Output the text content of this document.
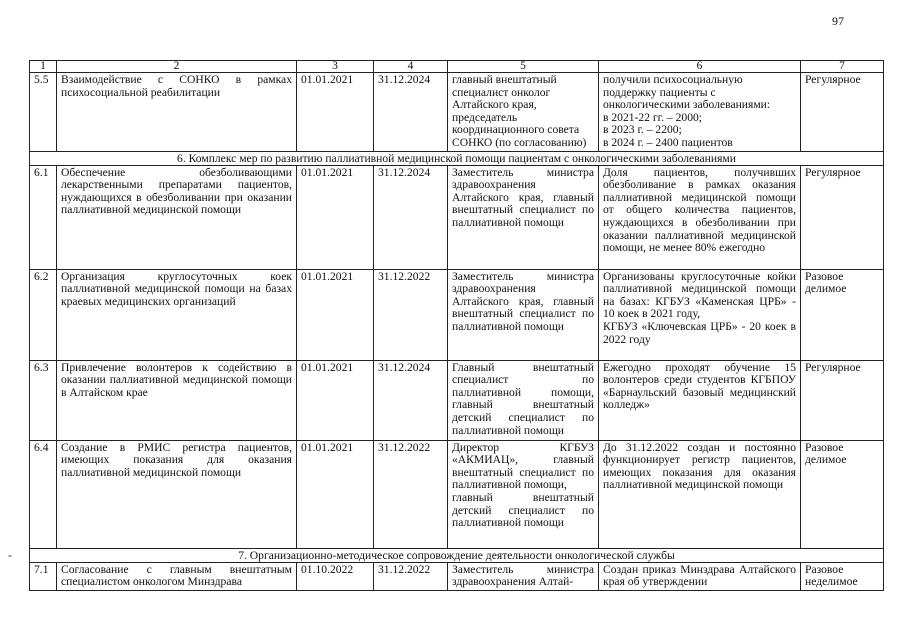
97
1	2	3	4	5	6	7
5.5	Взаимодействие с СОНКО в рамках психосоциальной реабилитации	01.01.2021	31.12.2024	главный внештатный специалист онколог Алтайского края, председатель координационного совета СОНКО (по согласованию)	получили психосоциальную поддержку пациенты с онкологическими заболеваниями:
в 2021-22 гг. – 2000;
в 2023 г. – 2200;
в 2024 г. – 2400 пациентов	Регулярное
6. Комплекс мер по развитию паллиативной медицинской помощи пациентам с онкологическими заболеваниями						
6.1	Обеспечение обезболивающими лекарственными препаратами пациентов, нуждающихся в обезболивании при оказании паллиативной медицинской помощи	01.01.2021	31.12.2024	Заместитель министра здравоохранения Алтайского края, главный внештатный специалист по паллиативной помощи	Доля пациентов, получивших обезболивание в рамках оказания паллиативной медицинской помощи от общего количества пациентов, нуждающихся в обезболивании при оказании паллиативной медицинской помощи, не менее 80% ежегодно	Регулярное
6.2	Организация круглосуточных коек паллиативной медицинской помощи на базах краевых медицинских организаций	01.01.2021	31.12.2022	Заместитель министра здравоохранения Алтайского края, главный внештатный специалист по паллиативной помощи	Организованы круглосуточные койки паллиативной медицинской помощи на базах: КГБУЗ «Каменская ЦРБ» - 10 коек в 2021 году,
КГБУЗ «Ключевская ЦРБ» - 20 коек в 2022 году	Разовое делимое
6.3	Привлечение волонтеров к содействию в оказании паллиативной медицинской помощи в Алтайском крае	01.01.2021	31.12.2024	Главный внештатный специалист по паллиативной помощи, главный внештатный детский специалист по паллиативной помощи	Ежегодно проходят обучение 15 волонтеров среди студентов КГБПОУ «Барнаульский базовый медицинский колледж»	Регулярное
6.4	Создание в РМИС регистра пациентов, имеющих показания для оказания паллиативной медицинской помощи	01.01.2021	31.12.2022	Директор КГБУЗ «АКМИАЦ», главный внештатный специалист по паллиативной помощи,
главный внештатный детский специалист по паллиативной помощи	До 31.12.2022 создан и постоянно функционирует регистр пациентов, имеющих показания для оказания паллиативной медицинской помощи	Разовое делимое
7. Организационно-методическое сопровождение деятельности онкологической службы						
7.1	Согласование с главным внештатным специалистом онкологом Минздрава	01.10.2022	31.12.2022	Заместитель министра здравоохранения Алтай-	Создан приказ Минздрава Алтайского края об утверждении	Разовое неделимое
-
